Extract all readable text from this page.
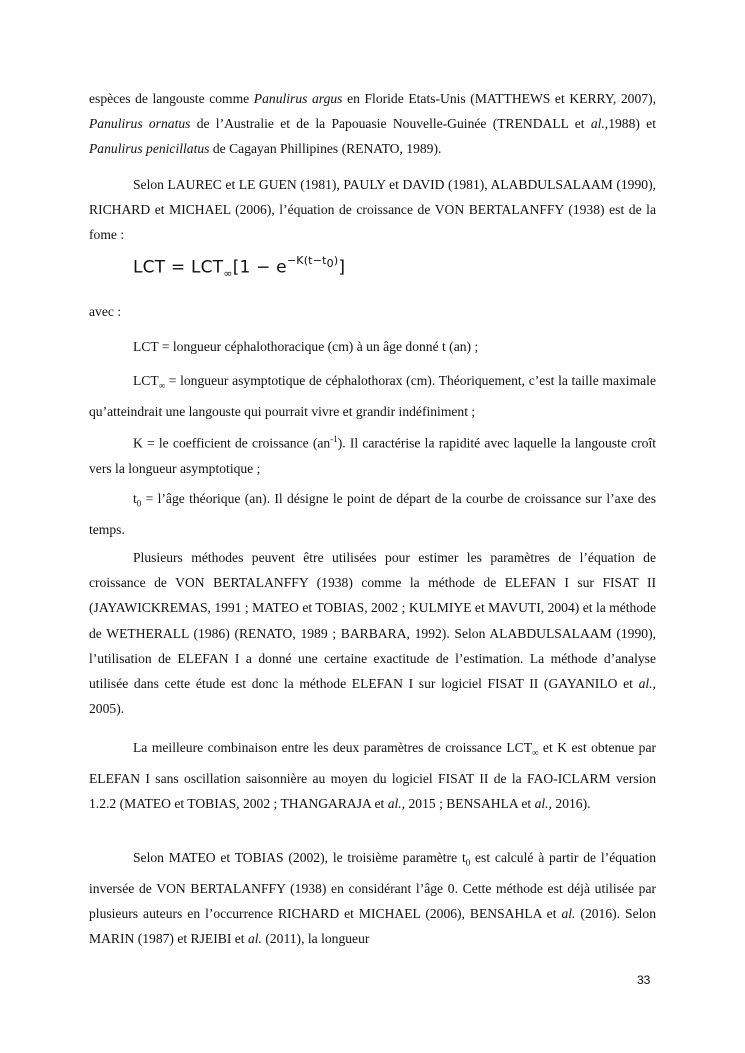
espèces de langouste comme Panulirus argus en Floride Etats-Unis (MATTHEWS et KERRY, 2007), Panulirus ornatus de l’Australie et de la Papouasie Nouvelle-Guinée (TRENDALL et al.,1988) et Panulirus penicillatus de Cagayan Phillipines (RENATO, 1989).

Selon LAUREC et LE GUEN (1981), PAULY et DAVID (1981), ALABDULSALAAM (1990), RICHARD et MICHAEL (2006), l’équation de croissance de VON BERTALANFFY (1938) est de la fome :

LCT = $LCT_\infty[1 - e^{-K(t-t_0)}]$

avec :

LCT = longueur céphalothoracique (cm) à un âge donné t (an) ;

$LCT_\infty$ = longueur asymptotique de céphalothorax (cm). Théoriquement, c’est la taille maximale qu’atteindrait une langouste qui pourrait vivre et grandir indéfiniment ;

K = le coefficient de croissance $(an^{-1})$. Il caractérise la rapidité avec laquelle la langouste croît vers la longueur asymptotique ;

$t_0$ = l’âge théorique (an). Il désigne le point de départ de la courbe de croissance sur l’axe des temps.

Plusieurs méthodes peuvent être utilisées pour estimer les paramètres de l’équation de croissance de VON BERTALANFFY (1938) comme la méthode de ELEFAN I sur FISAT II (JAYAWICKREMAS, 1991 ; MATEO et TOBIAS, 2002 ; KULMIYE et MAVUTI, 2004) et la méthode de WETHERALL (1986) (RENATO, 1989 ; BARBARA, 1992). Selon ALABDULSALAAM (1990), l’utilisation de ELEFAN I a donné une certaine exactitude de l’estimation. La méthode d’analyse utilisée dans cette étude est donc la méthode ELEFAN I sur logiciel FISAT II (GAYANILO et al., 2005).

La meilleure combinaison entre les deux paramètres de croissance $LCT_\infty$ et K est obtenue par ELEFAN I sans oscillation saisonnière au moyen du logiciel FISAT II de la FAO-ICLARM version 1.2.2 (MATEO et TOBIAS, 2002 ; THANGARAJA et al., 2015 ; BENSAHLA et al., 2016).

Selon MATEO et TOBIAS (2002), le troisième paramètre $t_0$ est calculé à partir de l’équation inversée de VON BERTALANFFY (1938) en considérant l’âge 0. Cette méthode est déjà utilisée par plusieurs auteurs en l’occurrence RICHARD et MICHAEL (2006), BENSAHLA et al. (2016). Selon MARIN (1987) et RJEIBI et al. (2011), la longueur

33
